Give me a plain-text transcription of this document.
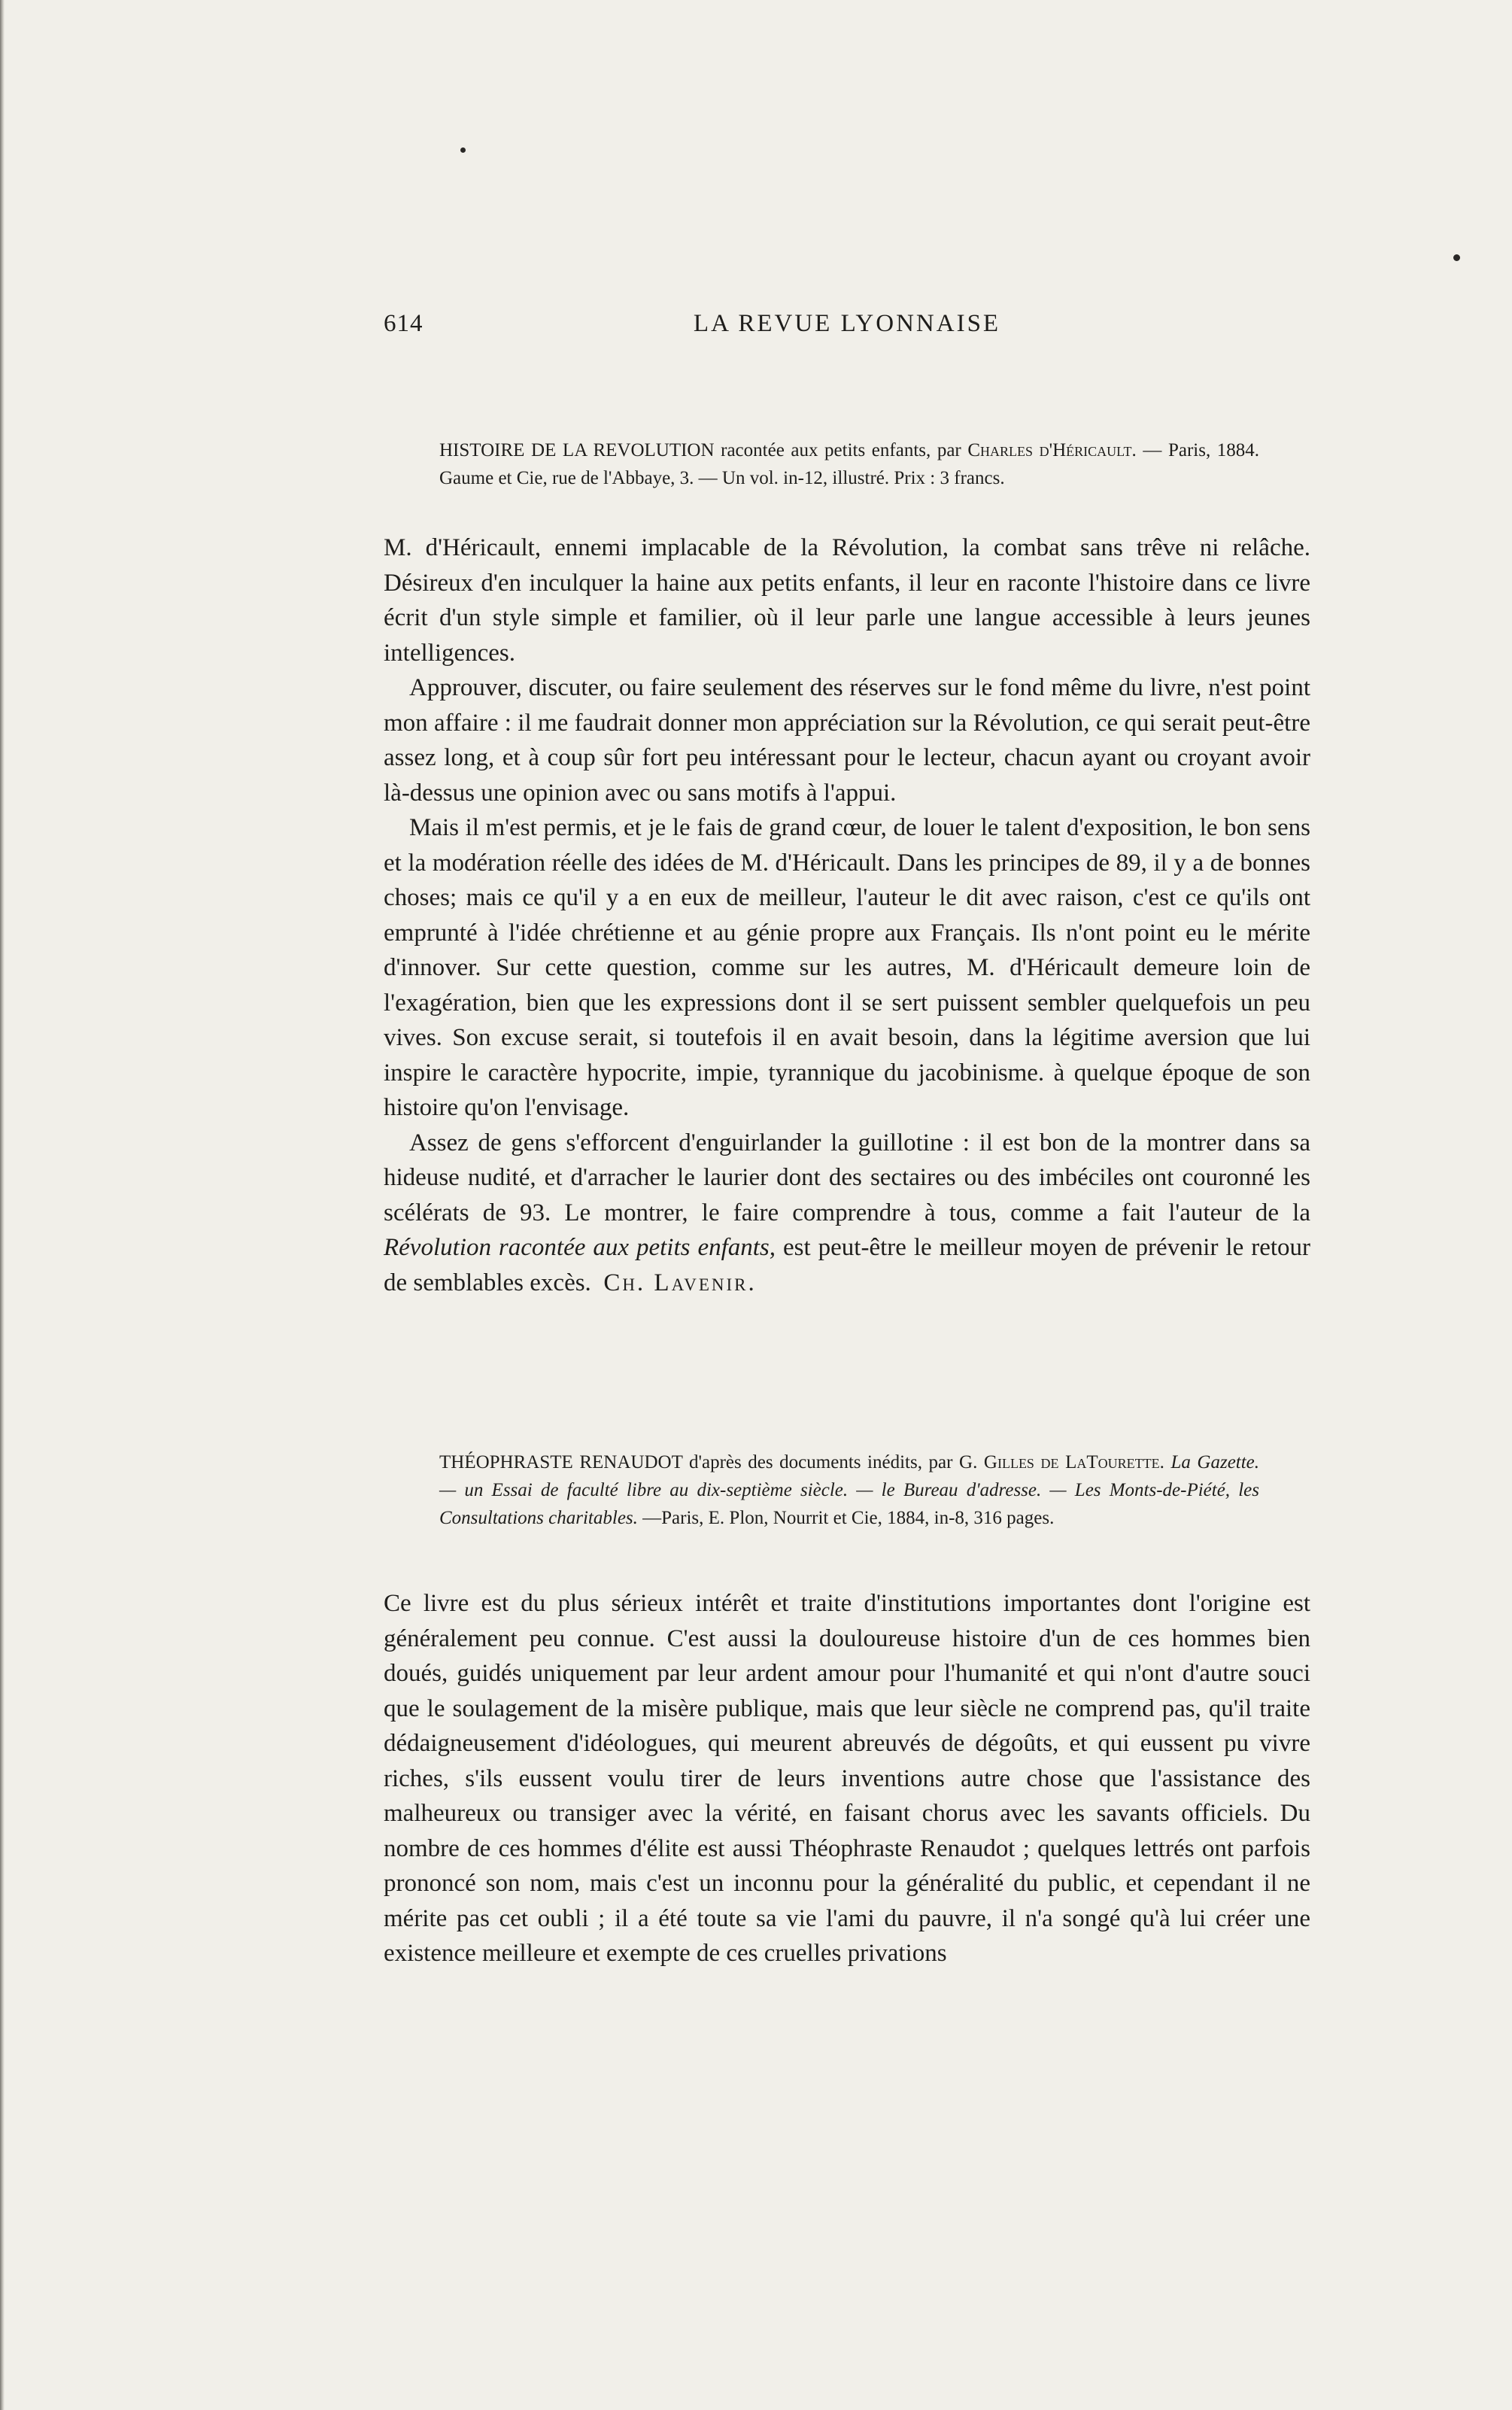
614	LA REVUE LYONNAISE
HISTOIRE DE LA REVOLUTION racontée aux petits enfants, par Charles d'Héricault. — Paris, 1884. Gaume et Cie, rue de l'Abbaye, 3. — Un vol. in-12, illustré. Prix : 3 francs.

M. d'Héricault, ennemi implacable de la Révolution, la combat sans trêve ni relâche. Désireux d'en inculquer la haine aux petits enfants, il leur en raconte l'histoire dans ce livre écrit d'un style simple et familier, où il leur parle une langue accessible à leurs jeunes intelligences.

Approuver, discuter, ou faire seulement des réserves sur le fond même du livre, n'est point mon affaire : il me faudrait donner mon appréciation sur la Révolution, ce qui serait peut-être assez long, et à coup sûr fort peu intéressant pour le lecteur, chacun ayant ou croyant avoir là-dessus une opinion avec ou sans motifs à l'appui.

Mais il m'est permis, et je le fais de grand cœur, de louer le talent d'exposition, le bon sens et la modération réelle des idées de M. d'Héricault. Dans les principes de 89, il y a de bonnes choses; mais ce qu'il y a en eux de meilleur, l'auteur le dit avec raison, c'est ce qu'ils ont emprunté à l'idée chrétienne et au génie propre aux Français. Ils n'ont point eu le mérite d'innover. Sur cette question, comme sur les autres, M. d'Héricault demeure loin de l'exagération, bien que les expressions dont il se sert puissent sembler quelquefois un peu vives. Son excuse serait, si toutefois il en avait besoin, dans la légitime aversion que lui inspire le caractère hypocrite, impie, tyrannique du jacobinisme. à quelque époque de son histoire qu'on l'envisage.

Assez de gens s'efforcent d'enguirlander la guillotine : il est bon de la montrer dans sa hideuse nudité, et d'arracher le laurier dont des sectaires ou des imbéciles ont couronné les scélérats de 93. Le montrer, le faire comprendre à tous, comme a fait l'auteur de la Révolution racontée aux petits enfants, est peut-être le meilleur moyen de prévenir le retour de semblables excès. Ch. Lavenir.

THÉOPHRASTE RENAUDOT d'après des documents inédits, par G. Gilles de LaTourette. La Gazette. — un Essai de faculté libre au dix-septième siècle. — le Bureau d'adresse. — Les Monts-de-Piété, les Consultations charitables. —Paris, E. Plon, Nourrit et Cie, 1884, in-8, 316 pages.

Ce livre est du plus sérieux intérêt et traite d'institutions importantes dont l'origine est généralement peu connue. C'est aussi la douloureuse histoire d'un de ces hommes bien doués, guidés uniquement par leur ardent amour pour l'humanité et qui n'ont d'autre souci que le soulagement de la misère publique, mais que leur siècle ne comprend pas, qu'il traite dédaigneusement d'idéologues, qui meurent abreuvés de dégoûts, et qui eussent pu vivre riches, s'ils eussent voulu tirer de leurs inventions autre chose que l'assistance des malheureux ou transiger avec la vérité, en faisant chorus avec les savants officiels. Du nombre de ces hommes d'élite est aussi Théophraste Renaudot ; quelques lettrés ont parfois prononcé son nom, mais c'est un inconnu pour la généralité du public, et cependant il ne mérite pas cet oubli ; il a été toute sa vie l'ami du pauvre, il n'a songé qu'à lui créer une existence meilleure et exempte de ces cruelles privations
